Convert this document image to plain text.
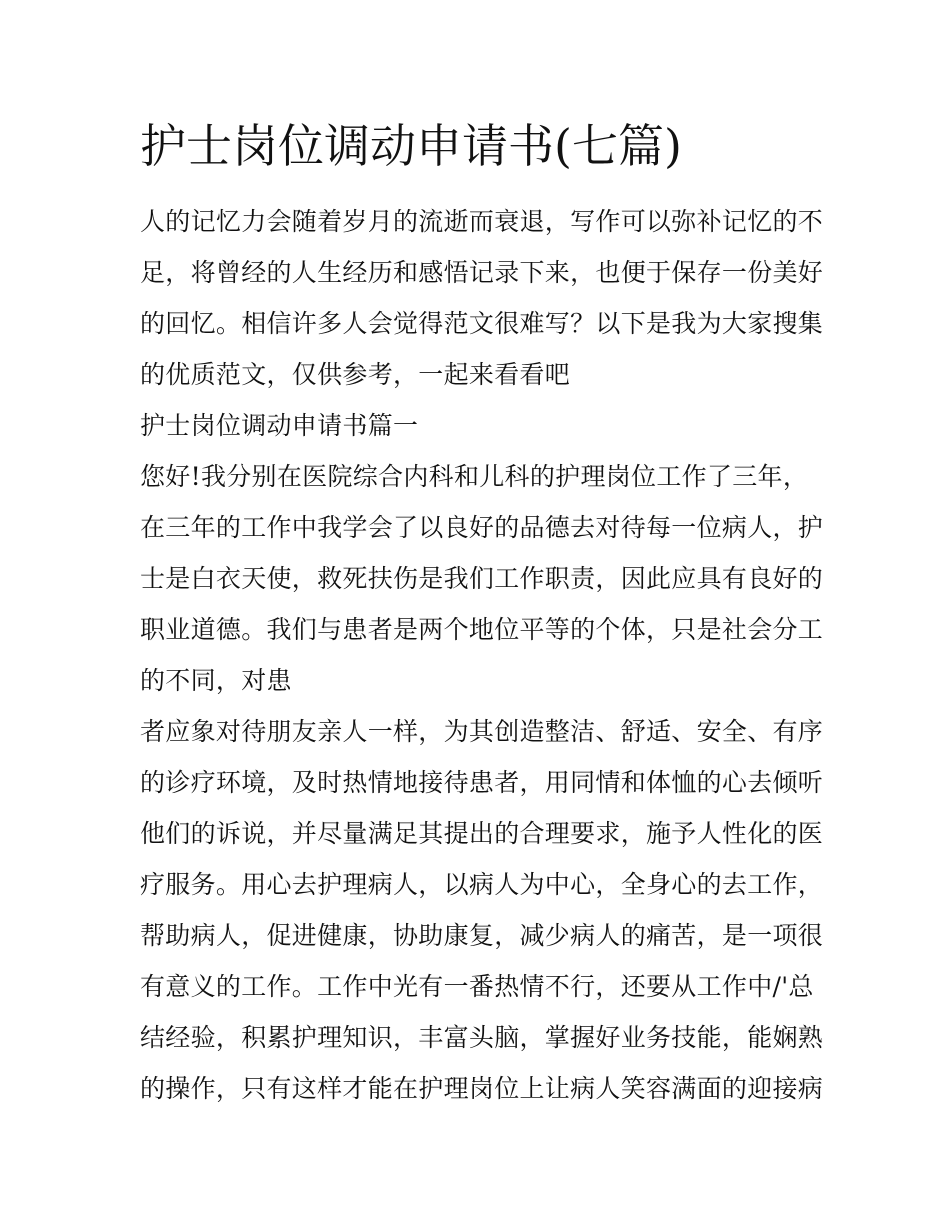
护士岗位调动申请书(七篇)
人的记忆力会随着岁月的流逝而衰退，写作可以弥补记忆的不
足，将曾经的人生经历和感悟记录下来，也便于保存一份美好
的回忆。相信许多人会觉得范文很难写？以下是我为大家搜集
的优质范文，仅供参考，一起来看看吧
护士岗位调动申请书篇一
您好!我分别在医院综合内科和儿科的护理岗位工作了三年，
在三年的工作中我学会了以良好的品德去对待每一位病人，护
士是白衣天使，救死扶伤是我们工作职责，因此应具有良好的
职业道德。我们与患者是两个地位平等的个体，只是社会分工
的不同，对患
者应象对待朋友亲人一样，为其创造整洁、舒适、安全、有序
的诊疗环境，及时热情地接待患者，用同情和体恤的心去倾听
他们的诉说，并尽量满足其提出的合理要求，施予人性化的医
疗服务。用心去护理病人，以病人为中心，全身心的去工作，
帮助病人，促进健康，协助康复，减少病人的痛苦，是一项很
有意义的工作。工作中光有一番热情不行，还要从工作中/'总
结经验，积累护理知识，丰富头脑，掌握好业务技能，能娴熟
的操作，只有这样才能在护理岗位上让病人笑容满面的迎接病
